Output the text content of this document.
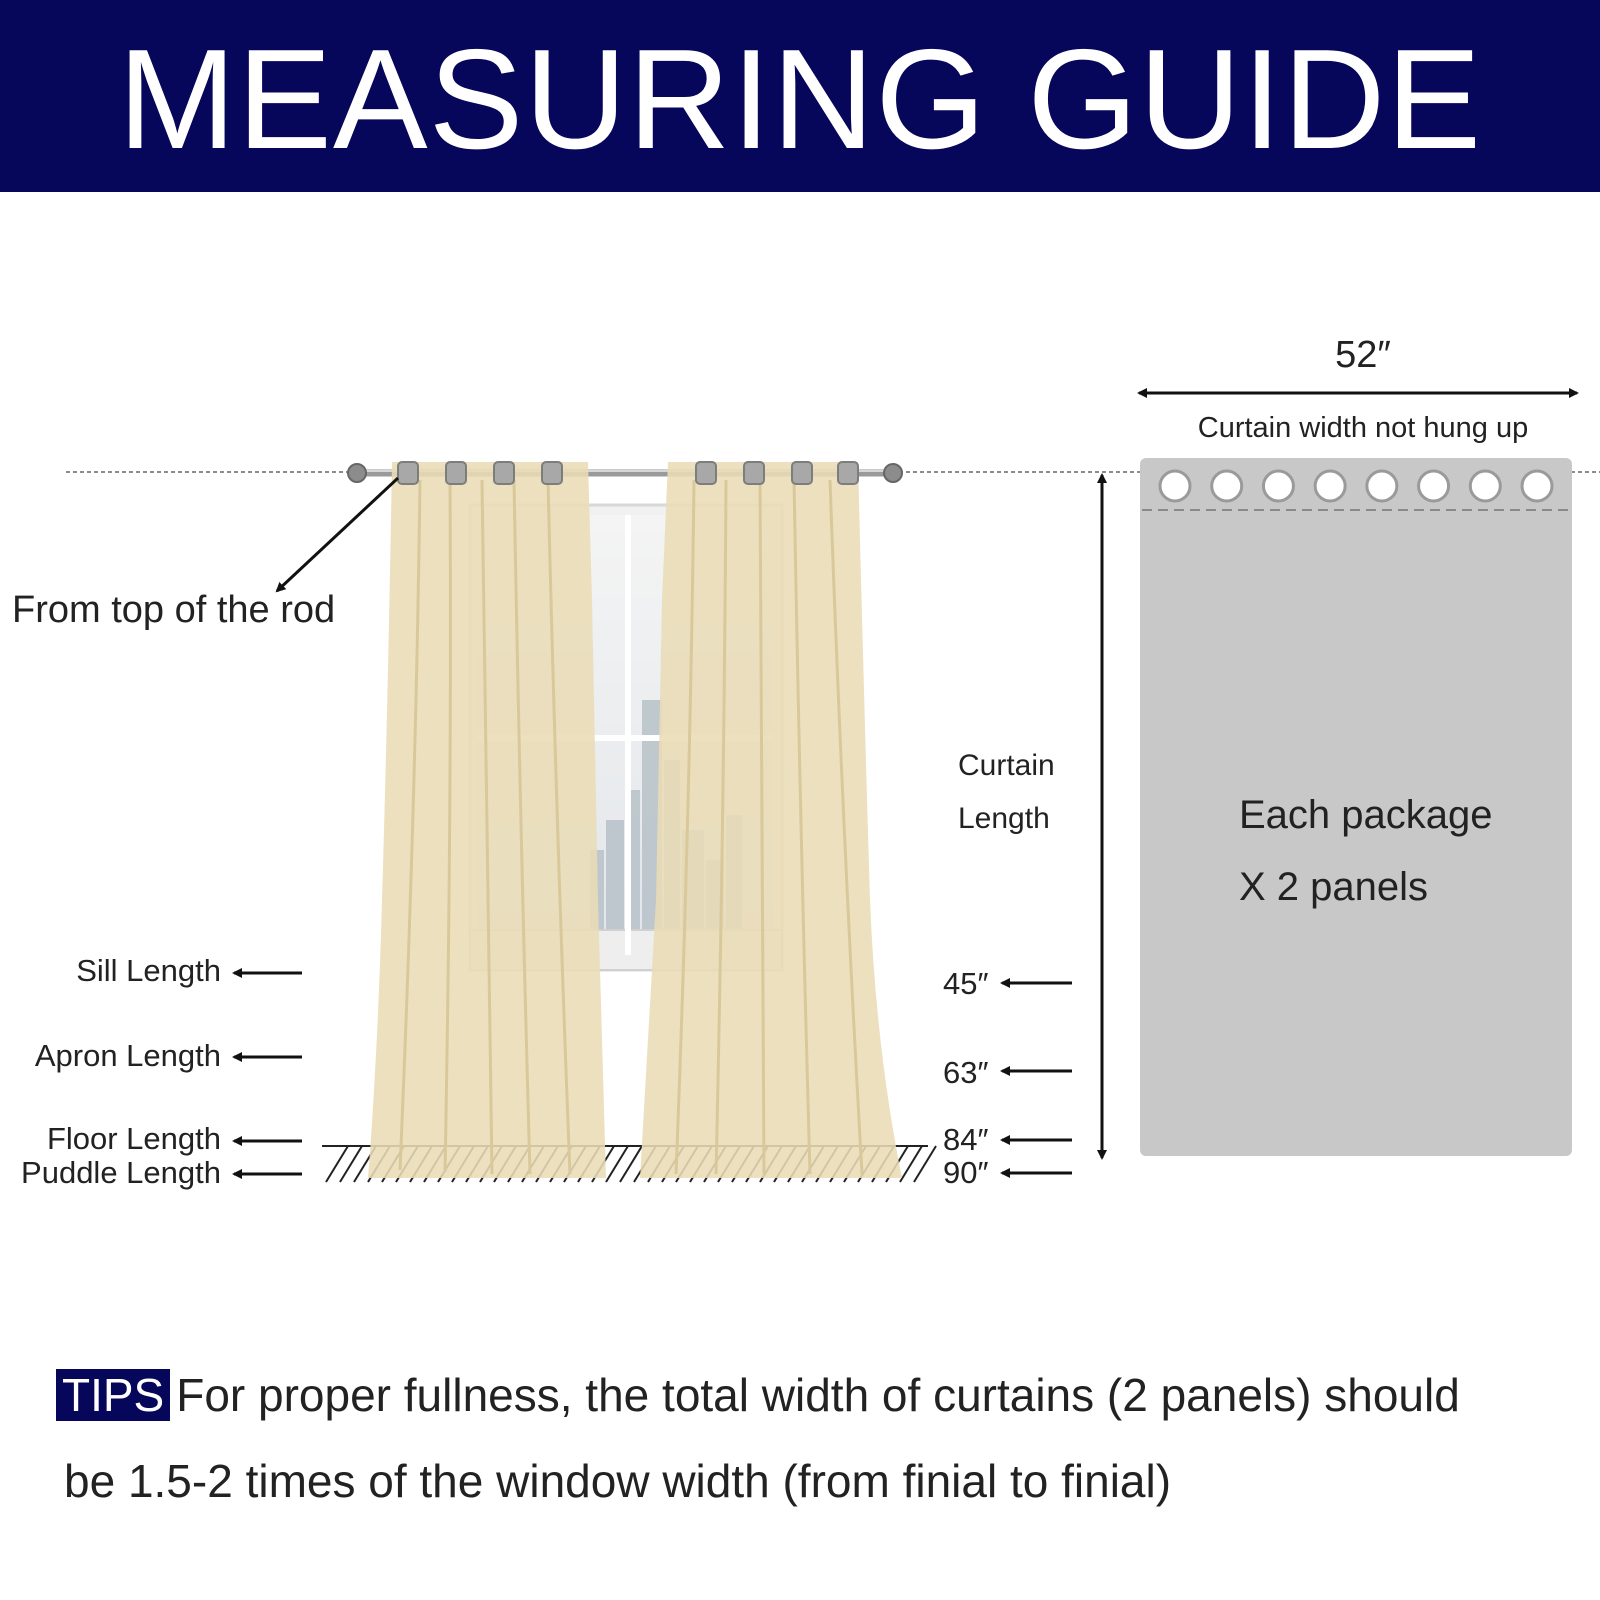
MEASURING GUIDE
From top of the rod
Sill Length
Apron Length
Floor Length
Puddle Length
45″
63″
84″
90″
Curtain
Length
52″
Curtain width not hung up
Each package
X 2 panels
TIPS For proper fullness, the total width of curtains (2 panels) should
be 1.5-2 times of the window width (from finial to finial)
